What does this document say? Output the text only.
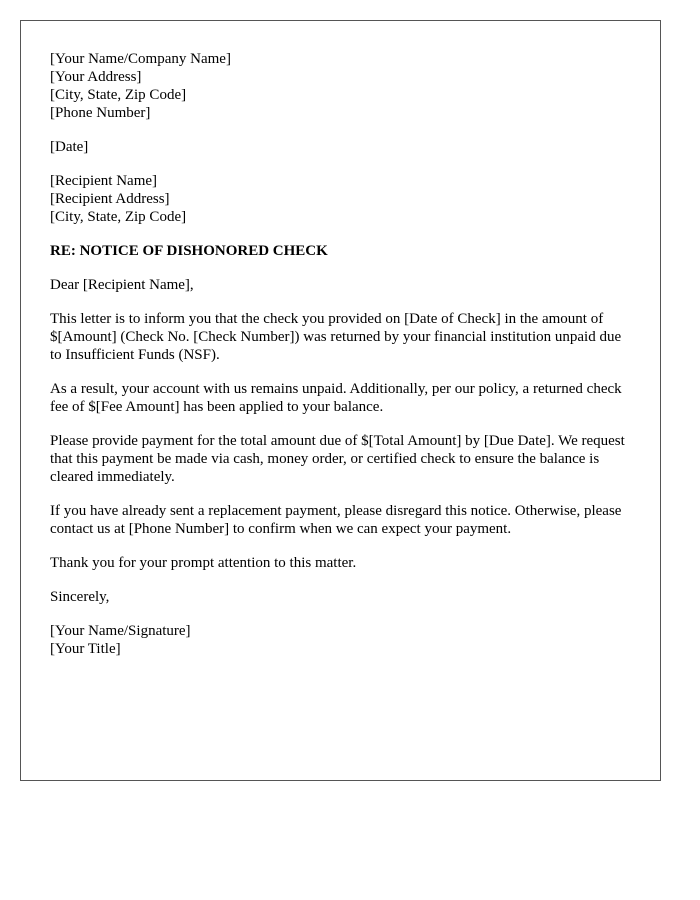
[Your Name/Company Name]
[Your Address]
[City, State, Zip Code]
[Phone Number]

[Date]

[Recipient Name]
[Recipient Address]
[City, State, Zip Code]

RE: NOTICE OF DISHONORED CHECK

Dear [Recipient Name],

This letter is to inform you that the check you provided on [Date of Check] in the amount of $[Amount] (Check No. [Check Number]) was returned by your financial institution unpaid due to Insufficient Funds (NSF).

As a result, your account with us remains unpaid. Additionally, per our policy, a returned check fee of $[Fee Amount] has been applied to your balance.

Please provide payment for the total amount due of $[Total Amount] by [Due Date]. We request that this payment be made via cash, money order, or certified check to ensure the balance is cleared immediately.

If you have already sent a replacement payment, please disregard this notice. Otherwise, please contact us at [Phone Number] to confirm when we can expect your payment.

Thank you for your prompt attention to this matter.

Sincerely,

[Your Name/Signature]
[Your Title]
